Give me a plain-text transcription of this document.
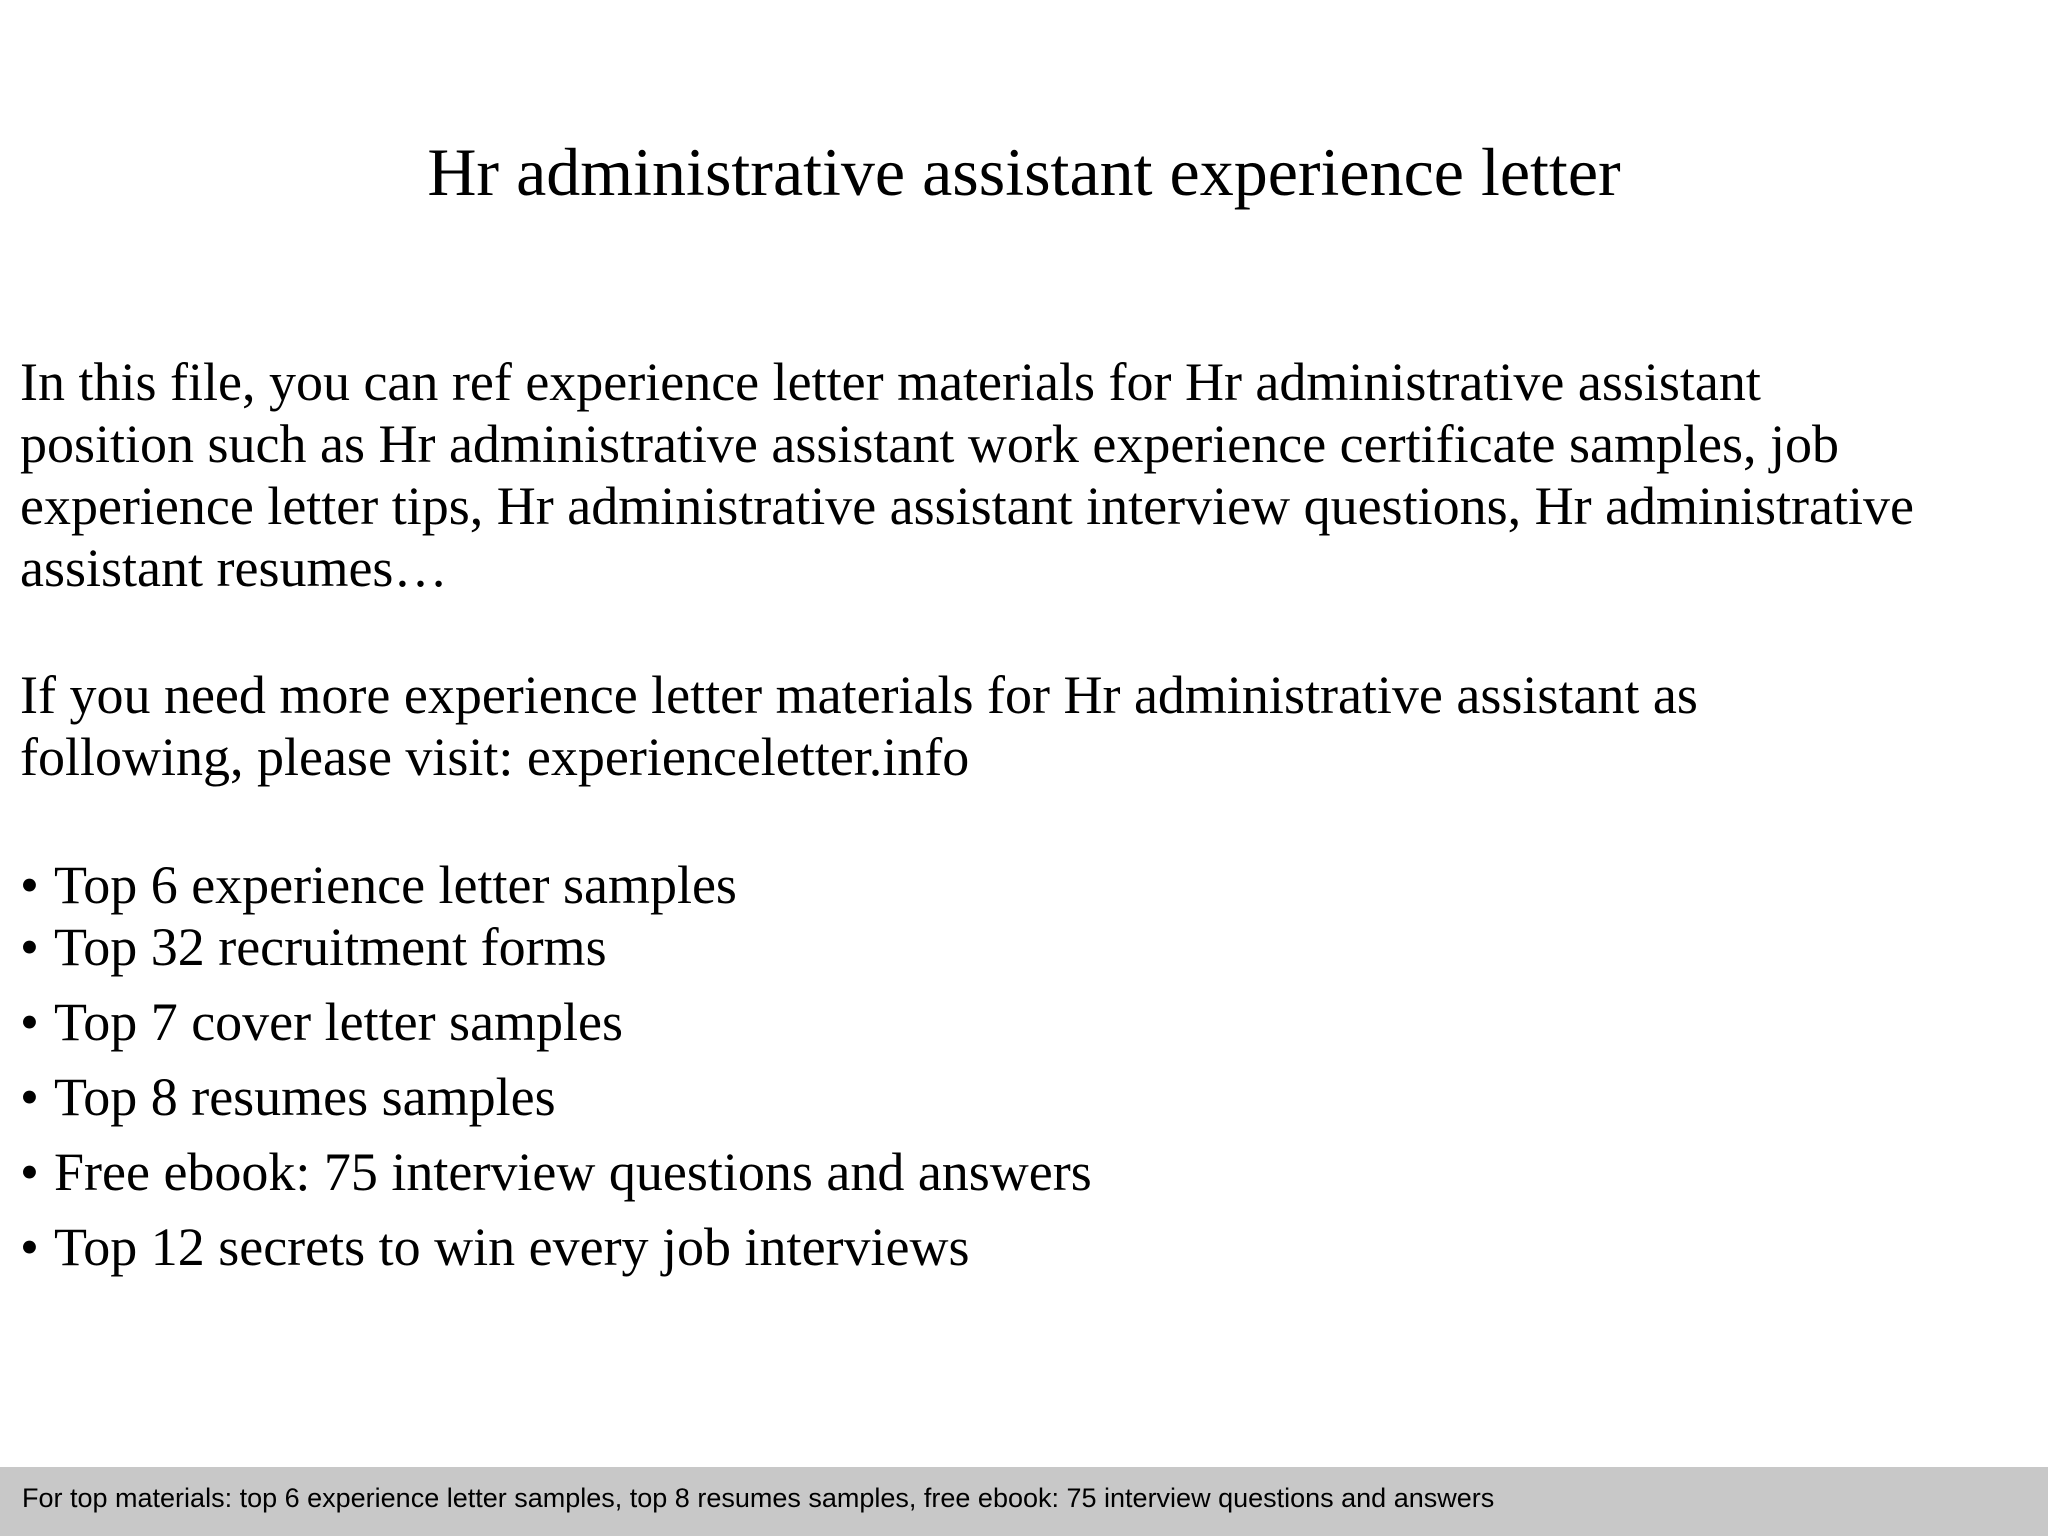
Hr administrative assistant experience letter
In this file, you can ref experience letter materials for Hr administrative assistant
position such as Hr administrative assistant work experience certificate samples, job
experience letter tips, Hr administrative assistant interview questions, Hr administrative
assistant resumes…
If you need more experience letter materials for Hr administrative assistant as
following, please visit: experienceletter.info
• Top 6 experience letter samples
• Top 32 recruitment forms
• Top 7 cover letter samples
• Top 8 resumes samples
• Free ebook: 75 interview questions and answers
• Top 12 secrets to win every job interviews
For top materials: top 6 experience letter samples, top 8 resumes samples, free ebook: 75 interview questions and answers
